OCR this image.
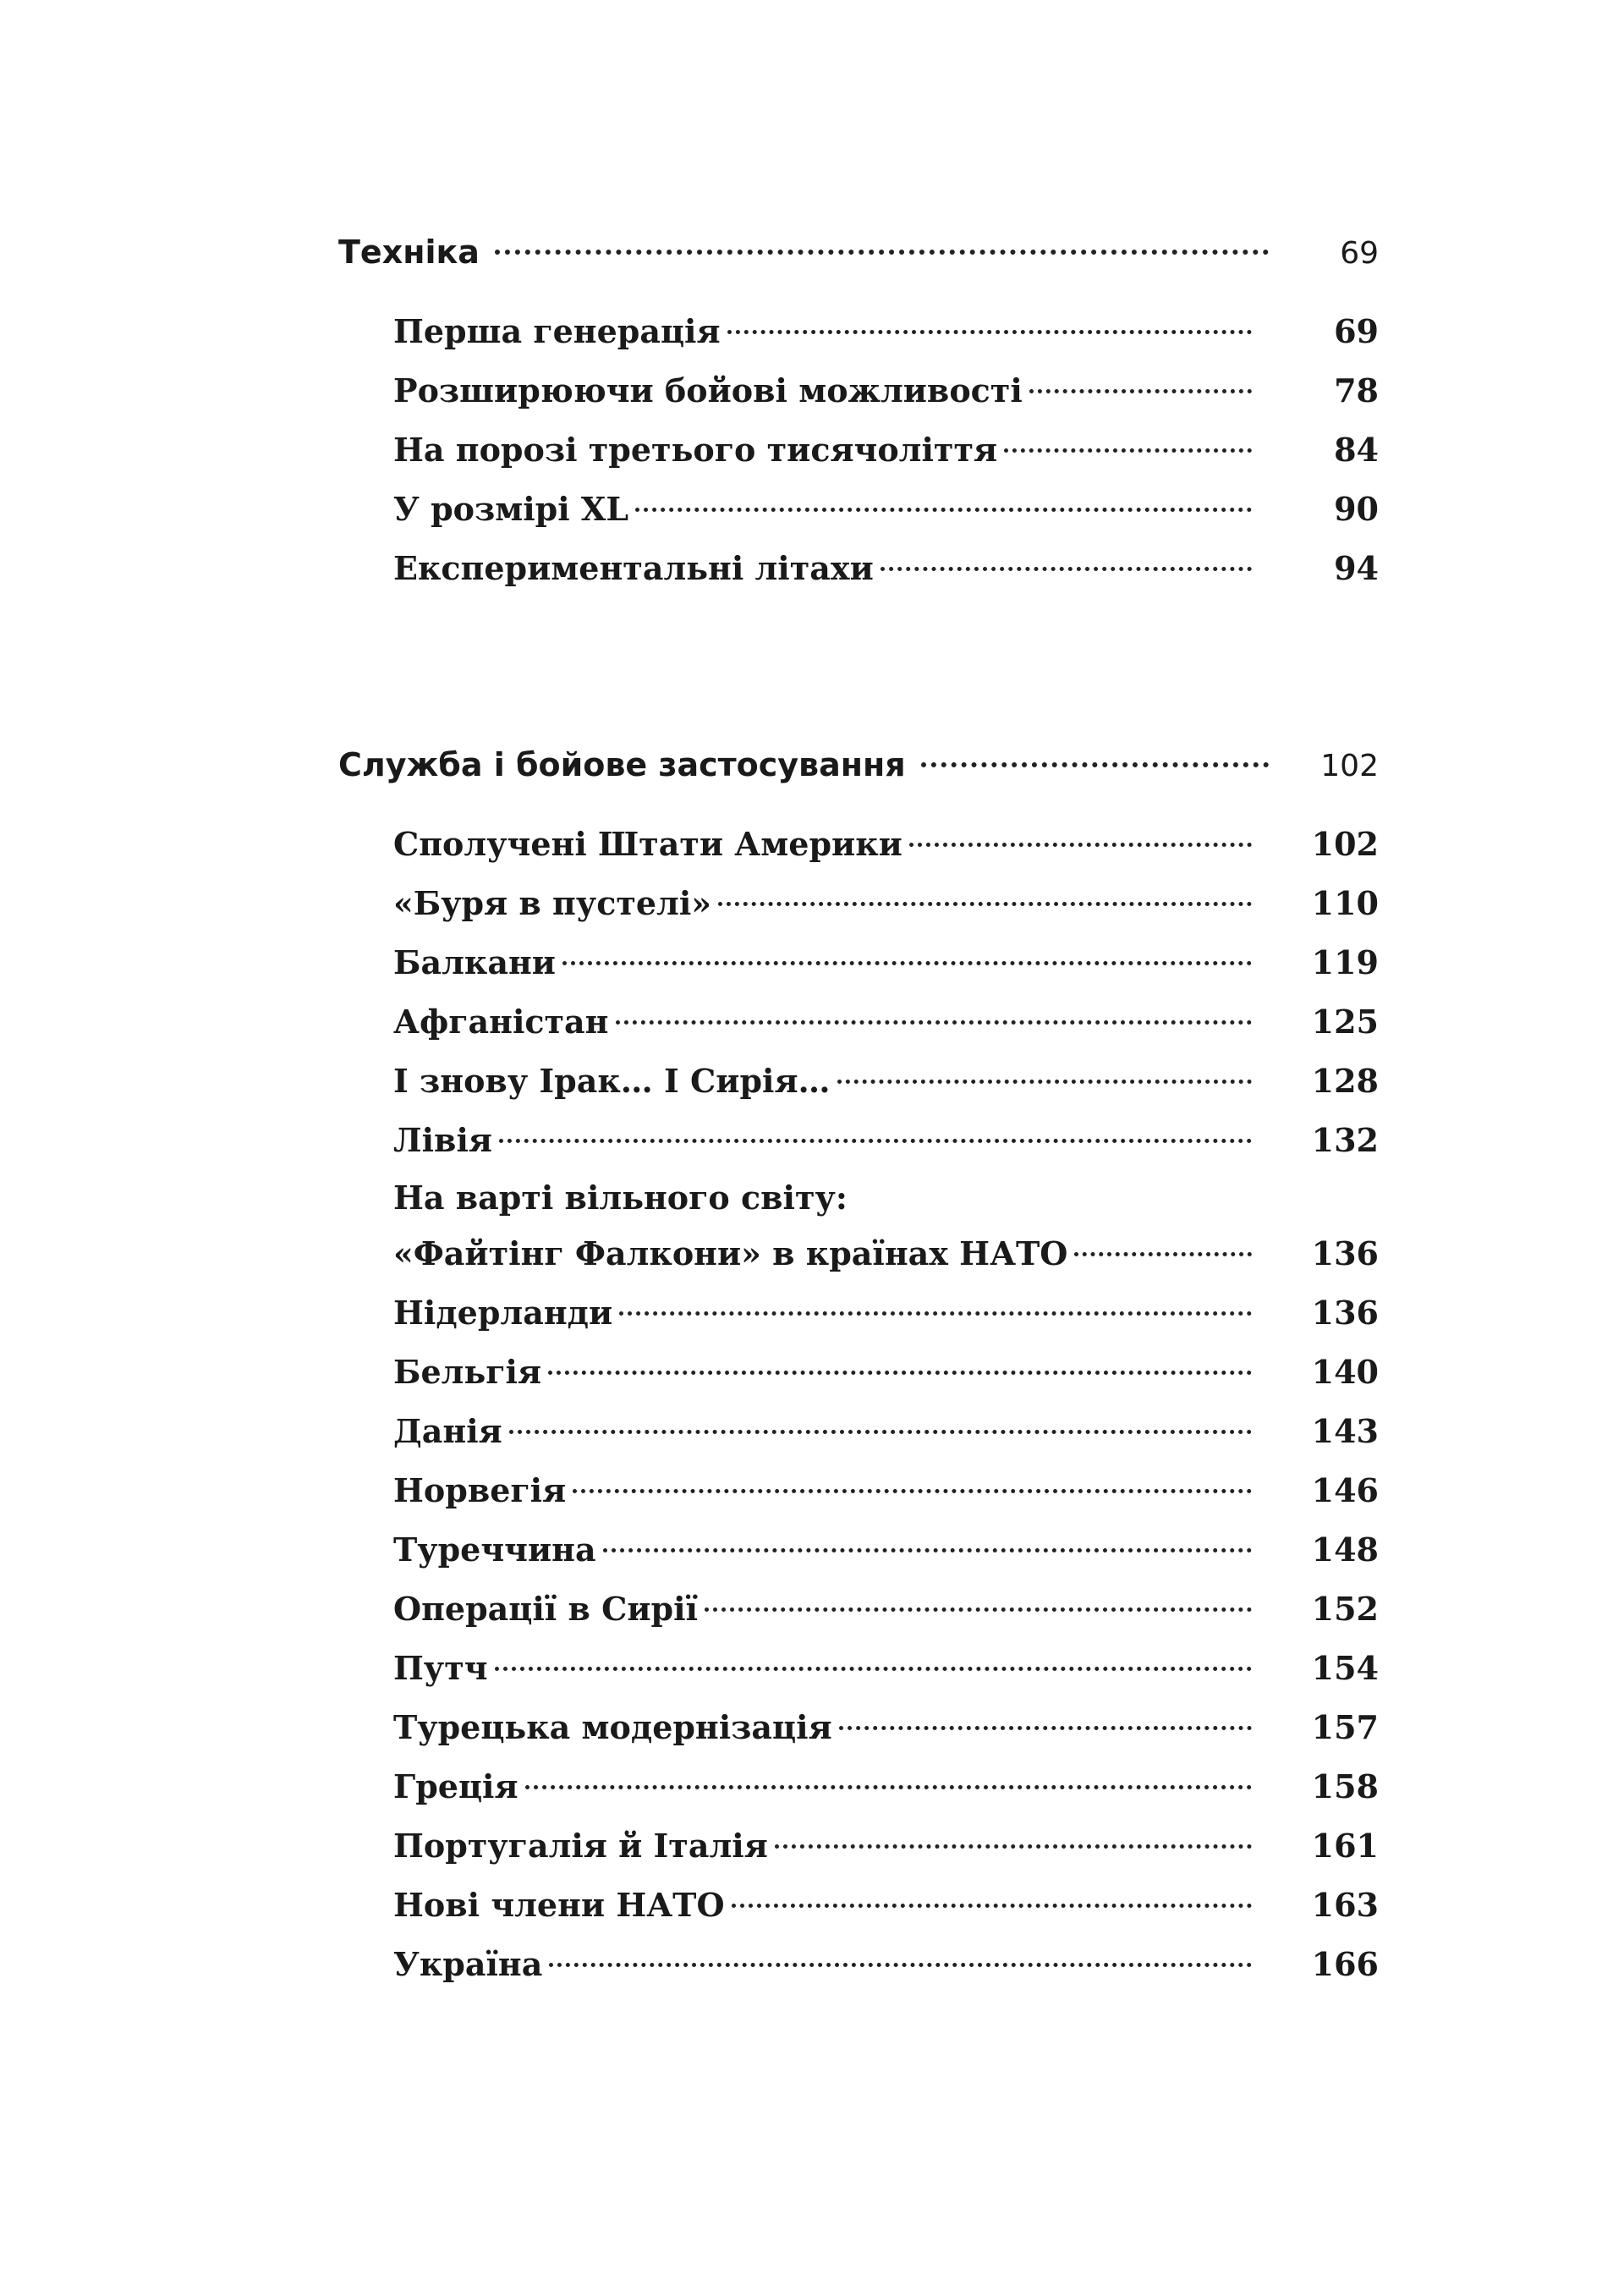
Техніка	69
Перша генерація	69
Розширюючи бойові можливості	78
На порозі третього тисячоліття	84
У розмірі XL	90
Експериментальні літахи	94
Служба і бойове застосування	102
Сполучені Штати Америки	102
«Буря в пустелі»	110
Балкани	119
Афганістан	125
І знову Ірак… І Сирія…	128
Лівія	132
На варті вільного світу:
«Файтінг Фалкони» в країнах НАТО	136
Нідерланди	136
Бельгія	140
Данія	143
Норвегія	146
Туреччина	148
Операції в Сирії	152
Путч	154
Турецька модернізація	157
Греція	158
Португалія й Італія	161
Нові члени НАТО	163
Україна	166
